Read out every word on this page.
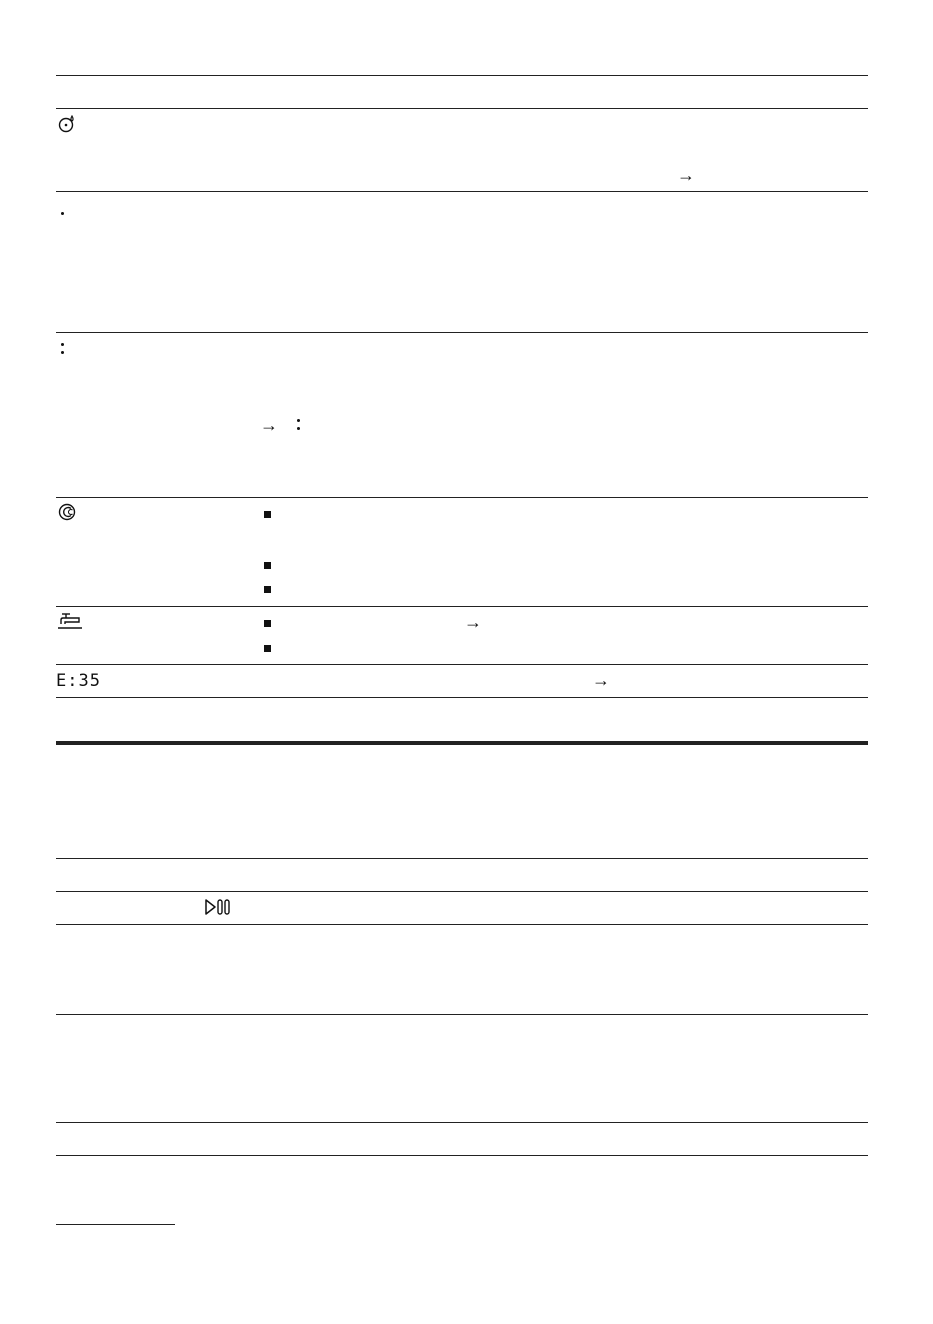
→
→
→
E:35	→
